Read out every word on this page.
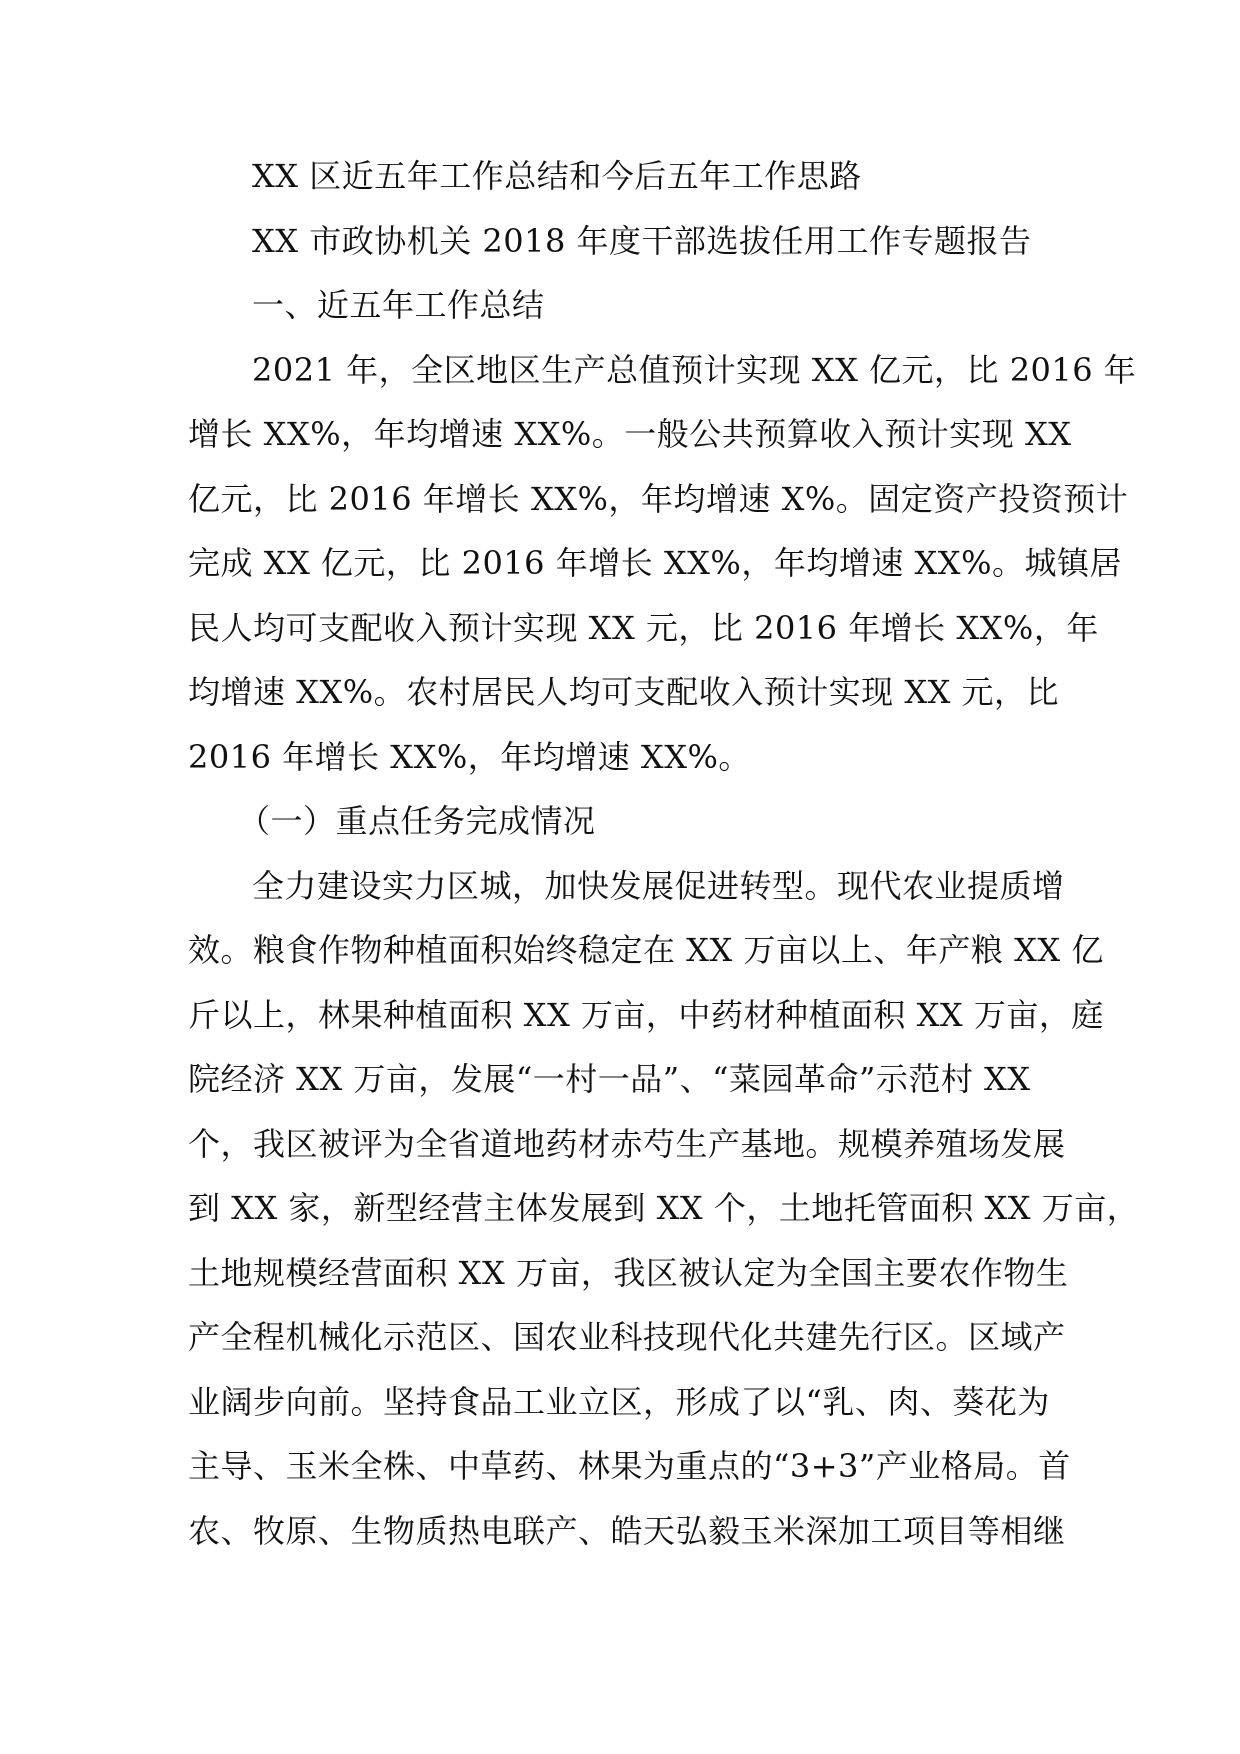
XX 区近五年工作总结和今后五年工作思路
XX 市政协机关 2018 年度干部选拔任用工作专题报告
一、近五年工作总结
2021 年，全区地区生产总值预计实现 XX 亿元，比 2016 年
增长 XX%，年均增速 XX%。一般公共预算收入预计实现 XX
亿元，比 2016 年增长 XX%，年均增速 X%。固定资产投资预计
完成 XX 亿元，比 2016 年增长 XX%，年均增速 XX%。城镇居
民人均可支配收入预计实现 XX 元，比 2016 年增长 XX%，年
均增速 XX%。农村居民人均可支配收入预计实现 XX 元，比
2016 年增长 XX%，年均增速 XX%。
（一）重点任务完成情况
全力建设实力区城，加快发展促进转型。现代农业提质增
效。粮食作物种植面积始终稳定在 XX 万亩以上、年产粮 XX 亿
斤以上，林果种植面积 XX 万亩，中药材种植面积 XX 万亩，庭
院经济 XX 万亩，发展“一村一品”、“菜园革命”示范村 XX
个，我区被评为全省道地药材赤芍生产基地。规模养殖场发展
到 XX 家，新型经营主体发展到 XX 个，土地托管面积 XX 万亩，
土地规模经营面积 XX 万亩，我区被认定为全国主要农作物生
产全程机械化示范区、国农业科技现代化共建先行区。区域产
业阔步向前。坚持食品工业立区，形成了以“乳、肉、葵花为
主导、玉米全株、中草药、林果为重点的“3+3”产业格局。首
农、牧原、生物质热电联产、皓天弘毅玉米深加工项目等相继
